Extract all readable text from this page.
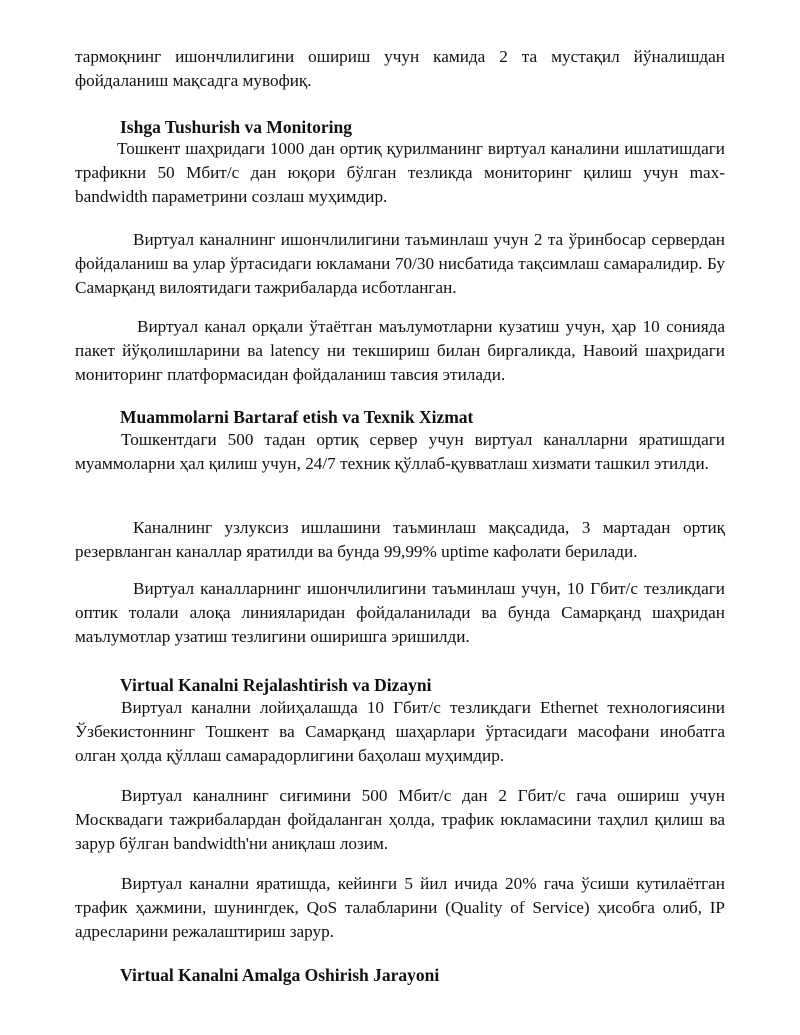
тармоқнинг ишончлилигини ошириш учун камида 2 та мустақил йўналишдан фойдаланиш мақсадга мувофиқ.

Ishga Tushurish va Monitoring

Тошкент шаҳридаги 1000 дан ортиқ қурилманинг виртуал каналини ишлатишдаги трафикни 50 Мбит/с дан юқори бўлган тезликда мониторинг қилиш учун max-bandwidth параметрини созлаш муҳимдир.

Виртуал каналнинг ишончлилигини таъминлаш учун 2 та ўринбосар сервердан фойдаланиш ва улар ўртасидаги юкламани 70/30 нисбатида тақсимлаш самаралидир. Бу Самарқанд вилоятидаги тажрибаларда исботланган.

Виртуал канал орқали ўтаётган маълумотларни кузатиш учун, ҳар 10 сонияда пакет йўқолишларини ва latency ни текшириш билан биргаликда, Навоий шаҳридаги мониторинг платформасидан фойдаланиш тавсия этилади.

Muammolarni Bartaraf etish va Texnik Xizmat

Тошкентдаги 500 тадан ортиқ сервер учун виртуал каналларни яратишдаги муаммоларни ҳал қилиш учун, 24/7 техник қўллаб-қувватлаш хизмати ташкил этилди.

Каналнинг узлуксиз ишлашини таъминлаш мақсадида, 3 мартадан ортиқ резервланган каналлар яратилди ва бунда 99,99% uptime кафолати берилади.

Виртуал каналларнинг ишончлилигини таъминлаш учун, 10 Гбит/с тезликдаги оптик толали алоқа линияларидан фойдаланилади ва бунда Самарқанд шаҳридан маълумотлар узатиш тезлигини оширишга эришилди.

Virtual Kanalni Rejalashtirish va Dizayni

Виртуал канални лойиҳалашда 10 Гбит/с тезликдаги Ethernet технологиясини Ўзбекистоннинг Тошкент ва Самарқанд шаҳарлари ўртасидаги масофани инобатга олган ҳолда қўллаш самарадорлигини баҳолаш муҳимдир.

Виртуал каналнинг сиғимини 500 Мбит/с дан 2 Гбит/с гача ошириш учун Москвадаги тажрибалардан фойдаланган ҳолда, трафик юкламасини таҳлил қилиш ва зарур бўлган bandwidth'ни аниқлаш лозим.

Виртуал канални яратишда, кейинги 5 йил ичида 20% гача ўсиши кутилаётган трафик ҳажмини, шунингдек, QoS талабларини (Quality of Service) ҳисобга олиб, IP адресларини режалаштириш зарур.

Virtual Kanalni Amalga Oshirish Jarayoni
